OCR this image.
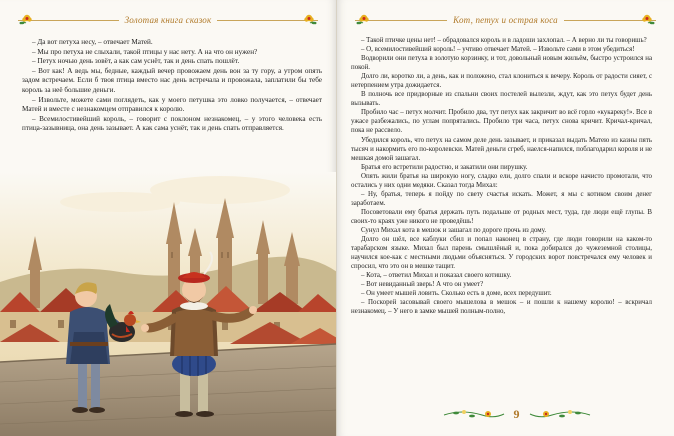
Золотая книга сказок

– Да вот петуха несу, – отвечает Матей.

– Мы про петуха не слыхали, такой птицы у нас нету. А на что он нужен?

– Петух ночью день зовёт, а как сам уснёт, так и день спать пошлёт.

– Вот как! А ведь мы, бедные, каждый вечер провожаем день вон за ту гору, а утром опять задом встречаем. Если б твоя птица вместо нас день встречала и провожала, заплатили бы тебе король за неё большие деньги.

– Извольте, можете сами поглядеть, как у моего петушка это ловко получается, – отвечает Матей и вместе с незнакомцем отправился к королю.

– Всемилостивейший король, – говорит с поклоном незнакомец, – у этого человека есть птица-зазывница, она день зазывает. А как сама уснёт, так и день спать отправляется.

Кот, петух и острая коса

– Такой птичке цены нет! – обрадовался король и в ладоши захлопал. – А верно ли ты говоришь?

– О, всемилостивейший король! – учтиво отвечает Матей. – Извольте сами в этом убедиться!

Водворили они петуха в золотую корзинку, и тот, довольный новым жильём, быстро устроился на покой.

Долго ли, коротко ли, а день, как и положено, стал клониться к вечеру. Король от радости сияет, с нетерпением утра дожидается.

В полночь все придворные из спальни своих постелей вылезли, ждут, как это петух будет день вызывать.

Пробило час – петух молчит. Пробило два, тут петух как закричит во всё горло «кукареку!». Все в ужасе разбежались, по углам попрятались. Пробило три часа, петух снова кричит. Кричал-кричал, пока не рассвело.

Убедился король, что петух на самом деле день зазывает, и приказал выдать Матею из казны пять тысяч и накормить его по-королевски. Матей деньги сгреб, наелся-напился, поблагодарил короля и не мешкая домой зашагал.

Братья его встретили радостно, и закатили они пирушку.

Опять жили братья на широкую ногу, сладко ели, долго спали и вскоре начисто промотали, что остались у них одни медяки. Сказал тогда Михал:

– Ну, братья, теперь я пойду по свету счастья искать. Может, я мы с котиком своим денег заработаем.

Посоветовали ему братья держать путь подальше от родных мест, туда, где люди ещё глупы. В своих-то краях уже никого не проведёшь!

Сунул Михал кота в мешок и зашагал по дороге прочь из дому.

Долго он шёл, все каблуки сбил и попал наконец в страну, где люди говорили на каком-то тарабарском языке. Михал был парень смышлёный и, пока добирался до чужеземной столицы, научился кое-как с местными людьми объясняться. У городских ворот повстречался ему человек и спросил, что это он в мешке тащит.

– Кота, – ответил Михал и показал своего котишку.

– Вот невиданный зверь! А что он умеет?

– Он умеет мышей ловить. Сколько есть в доме, всех передушит.

– Поскорей засовывай своего мышелова в мешок – и пошли к нашему королю! – вскричал незнакомец. – У него в замке мышей полным-полно,

9
